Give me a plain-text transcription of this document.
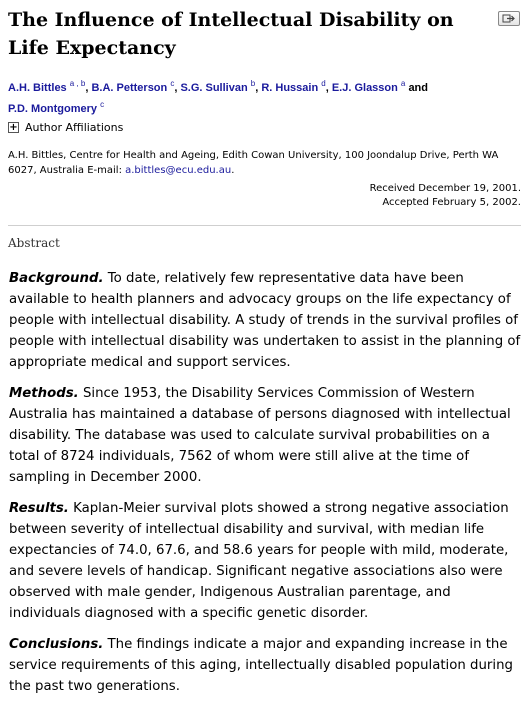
The Influence of Intellectual Disability on Life Expectancy
A.H. Bittles $^{a , b}$, B.A. Petterson $^c$, S.G. Sullivan $^b$, R. Hussain $^d$, E.J. Glasson $^a$ and
P.D. Montgomery $^c$
+ Author Affiliations
A.H. Bittles, Centre for Health and Ageing, Edith Cowan University, 100 Joondalup Drive, Perth WA 6027, Australia E-mail: a.bittles@ecu.edu.au.
Received December 19, 2001.
Accepted February 5, 2002.
Abstract

Background. To date, relatively few representative data have been available to health planners and advocacy groups on the life expectancy of people with intellectual disability. A study of trends in the survival profiles of people with intellectual disability was undertaken to assist in the planning of appropriate medical and support services.

Methods. Since 1953, the Disability Services Commission of Western Australia has maintained a database of persons diagnosed with intellectual disability. The database was used to calculate survival probabilities on a total of 8724 individuals, 7562 of whom were still alive at the time of sampling in December 2000.

Results. Kaplan-Meier survival plots showed a strong negative association between severity of intellectual disability and survival, with median life expectancies of 74.0, 67.6, and 58.6 years for people with mild, moderate, and severe levels of handicap. Significant negative associations also were observed with male gender, Indigenous Australian parentage, and individuals diagnosed with a specific genetic disorder.

Conclusions. The findings indicate a major and expanding increase in the service requirements of this aging, intellectually disabled population during the past two generations.
